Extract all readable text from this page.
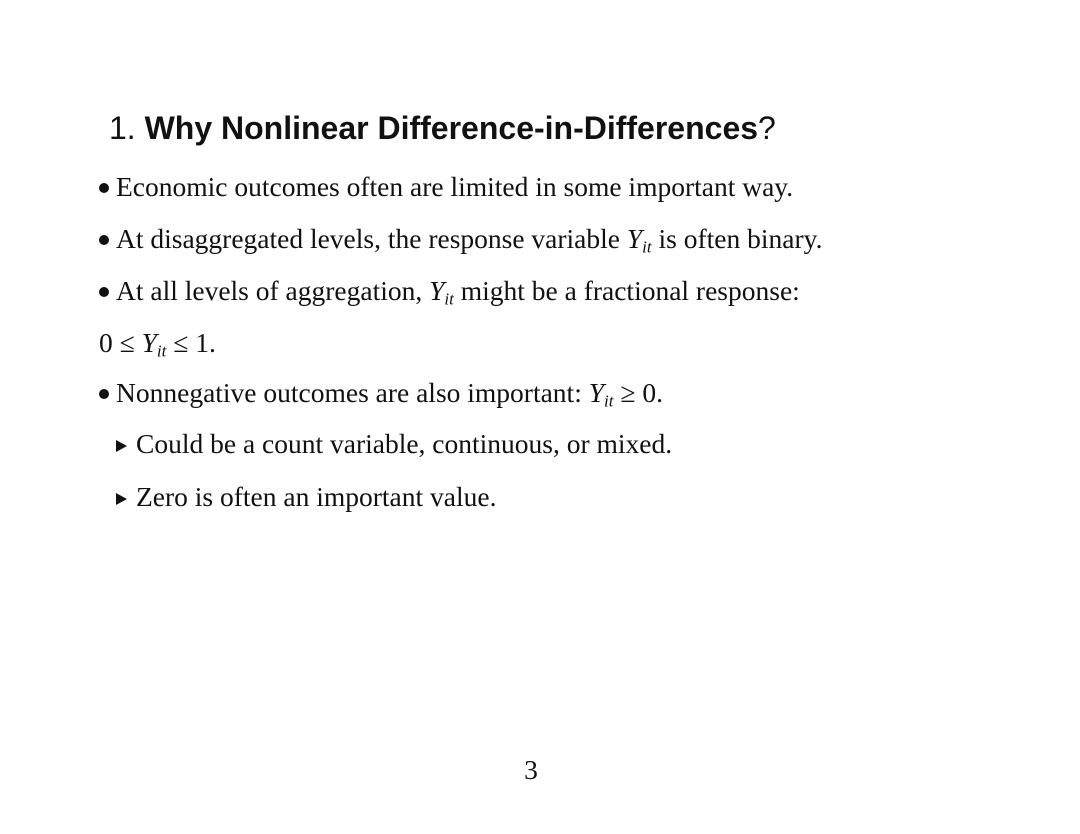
1. Why Nonlinear Difference-in-Differences?
Economic outcomes often are limited in some important way.
At disaggregated levels, the response variable $Y_{it}$ is often binary.
At all levels of aggregation, $Y_{it}$ might be a fractional response:
$0 \le Y_{it} \le 1$.
Nonnegative outcomes are also important: $Y_{it} \ge 0$.
Could be a count variable, continuous, or mixed.
Zero is often an important value.
3
